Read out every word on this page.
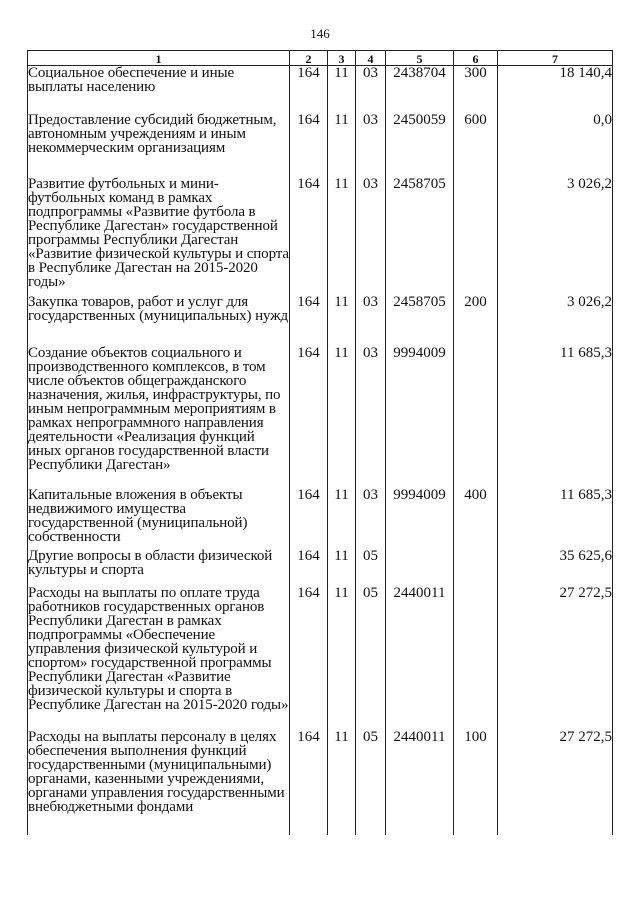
146
1	2	3	4	5	6	7

Социальное обеспечение и иные выплаты населению	164	11	03	2438704	300	18 140,4

Предоставление субсидий бюджетным, автономным учреждениям и иным некоммерческим организациям	164	11	03	2450059	600	0,0

Развитие футбольных и мини-футбольных команд в рамках подпрограммы «Развитие футбола в Республике Дагестан» государственной программы Республики Дагестан «Развитие физической культуры и спорта в Республике Дагестан на 2015-2020 годы»	164	11	03	2458705		3 026,2

Закупка товаров, работ и услуг для государственных (муниципальных) нужд	164	11	03	2458705	200	3 026,2

Создание объектов социального и производственного комплексов, в том числе объектов общегражданского назначения, жилья, инфраструктуры, по иным непрограммным мероприятиям в рамках непрограммного направления деятельности «Реализация функций иных органов государственной власти Республики Дагестан»	164	11	03	9994009		11 685,3

Капитальные вложения в объекты недвижимого имущества государственной (муниципальной) собственности	164	11	03	9994009	400	11 685,3

Другие вопросы в области физической культуры и спорта	164	11	05			35 625,6

Расходы на выплаты по оплате труда работников государственных органов Республики Дагестан в рамках подпрограммы «Обеспечение управления физической культурой и спортом» государственной программы Республики Дагестан «Развитие физической культуры и спорта в Республике Дагестан на 2015-2020 годы»	164	11	05	2440011		27 272,5

Расходы на выплаты персоналу в целях обеспечения выполнения функций государственными (муниципальными) органами, казенными учреждениями, органами управления государственными внебюджетными фондами	164	11	05	2440011	100	27 272,5
